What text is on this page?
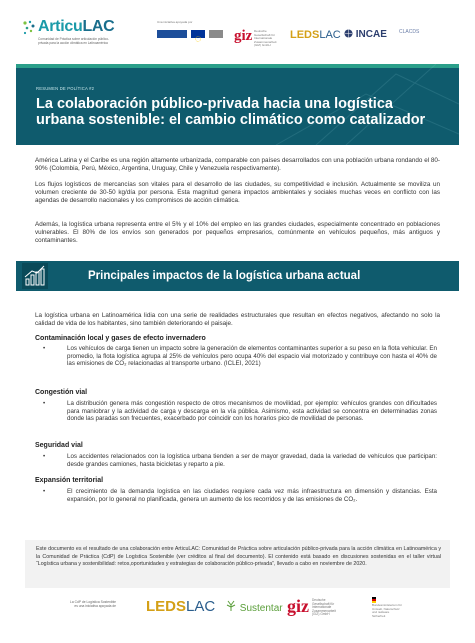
ArticuLAC
Comunidad de Práctica sobre articulación público-privada para la acción climática en Latinoamérica
Una iniciativa apoyada por
giz Deutsche Gesellschaft für Internationale Zusammenarbeit (GIZ) GmbH
LEDSLAC	INCAE CLACDS
RESUMEN DE POLÍTICA #2
La colaboración público-privada hacia una logística urbana sostenible: el cambio climático como catalizador
América Latina y el Caribe es una región altamente urbanizada, comparable con países desarrollados con una población urbana rondando el 80-90% (Colombia, Perú, México, Argentina, Uruguay, Chile y Venezuela respectivamente).
Los flujos logísticos de mercancías son vitales para el desarrollo de las ciudades, su competitividad e inclusión. Actualmente se moviliza un volumen creciente de 30-50 kg/día por persona. Esta magnitud genera impactos ambientales y sociales muchas veces en conflicto con las agendas de desarrollo nacionales y los compromisos de acción climática.
Además, la logística urbana representa entre el 5% y el 10% del empleo en las grandes ciudades, especialmente concentrado en poblaciones vulnerables. El 80% de los envíos son generados por pequeños empresarios, comúnmente en vehículos pequeños, más antiguos y contaminantes.
Principales impactos de la logística urbana actual
La logística urbana en Latinoamérica lidia con una serie de realidades estructurales que resultan en efectos negativos, afectando no solo la calidad de vida de los habitantes, sino también deteriorando el paisaje.
Contaminación local y gases de efecto invernadero
•	Los vehículos de carga tienen un impacto sobre la generación de elementos contaminantes superior a su peso en la flota vehicular. En promedio, la flota logística agrupa al 25% de vehículos pero ocupa 40% del espacio vial motorizado y contribuye con hasta el 40% de las emisiones de CO₂ relacionadas al transporte urbano. (ICLEI, 2021)
Congestión vial
•	La distribución genera más congestión respecto de otros mecanismos de movilidad, por ejemplo: vehículos grandes con dificultades para maniobrar y la actividad de carga y descarga en la vía pública. Asimismo, esta actividad se concentra en determinadas zonas donde las paradas son frecuentes, exacerbado por coincidir con los horarios pico de movilidad de personas.
Seguridad vial
•	Los accidentes relacionados con la logística urbana tienden a ser de mayor gravedad, dada la variedad de vehículos que participan: desde grandes camiones, hasta bicicletas y reparto a pie.
Expansión territorial
•	El crecimiento de la demanda logística en las ciudades requiere cada vez más infraestructura en dimensión y distancias. Esta expansión, por lo general no planificada, genera un aumento de los recorridos y de las emisiones de CO₂.
Este documento es el resultado de una colaboración entre ArticuLAC: Comunidad de Práctica sobre articulación público-privada para la acción climática en Latinoamérica y la Comunidad de Práctica (CdP) de Logística Sostenible (ver créditos al final del documento). El contenido está basado en discusiones sostenidas en el taller virtual “Logística urbana y sostenibilidad: retos,oportunidades y estrategias de colaboración público-privada”, llevado a cabo en noviembre de 2020.
La CdP de Logística Sostenible es una iniciativa apoyada de LEDSLAC	Sustentar giz Deutsche Gesellschaft für Internationale Zusammenarbeit (GIZ) GmbH
Bundesministerium für Umwelt, Naturschutz und nukleare Sicherheit
